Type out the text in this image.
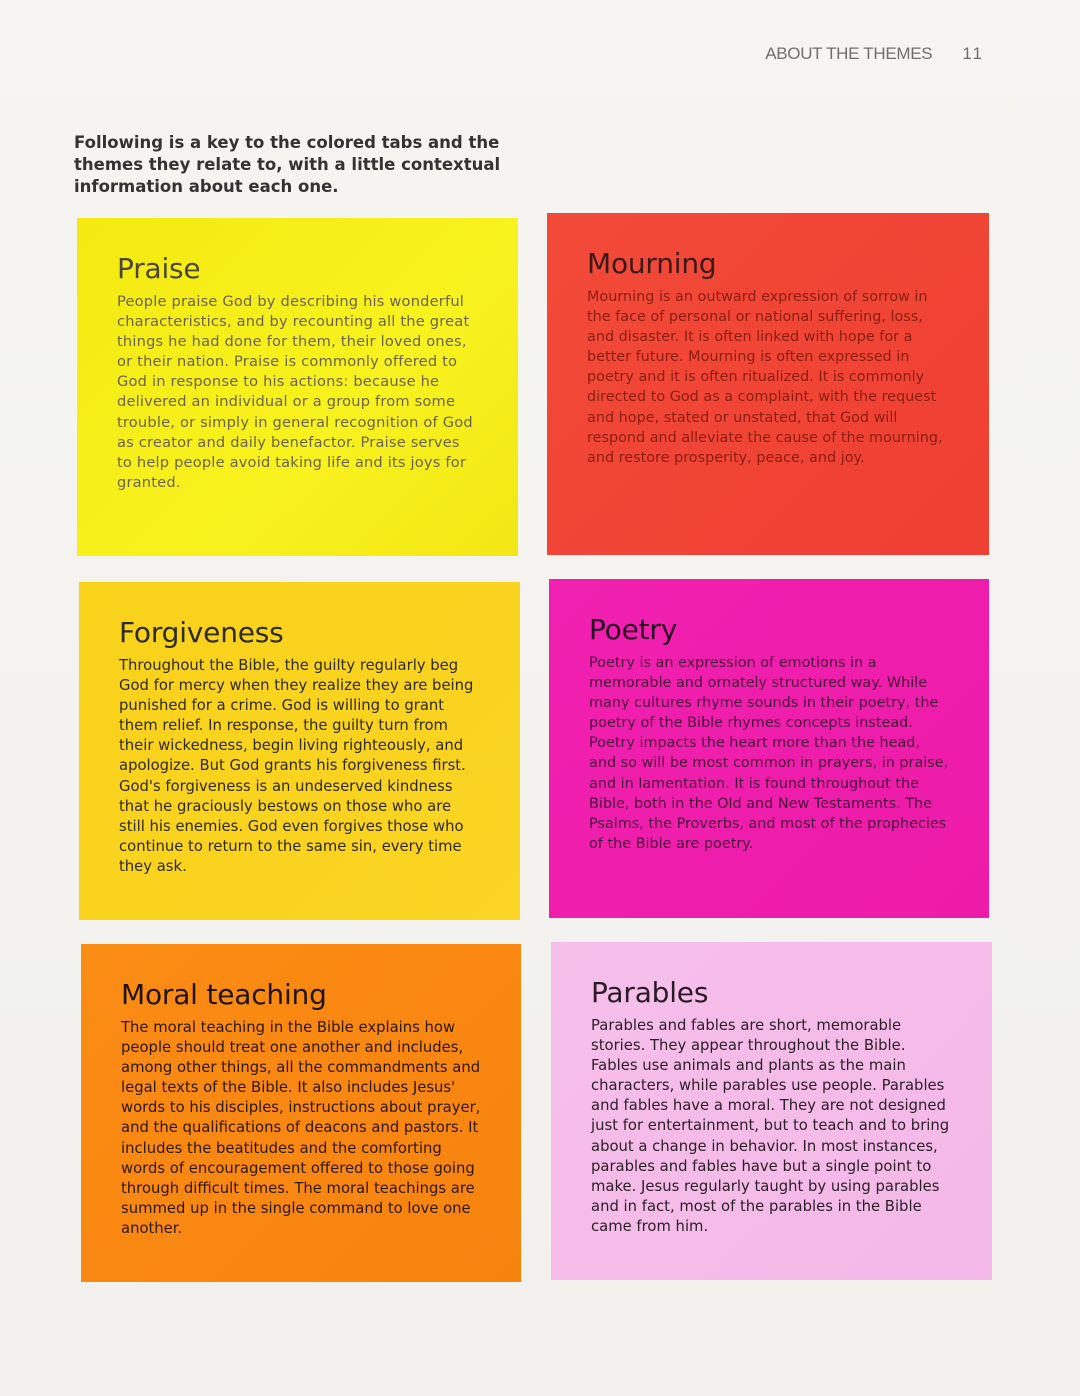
ABOUT THE THEMES 11
Following is a key to the colored tabs and the themes they relate to, with a little contextual information about each one.
Praise

People praise God by describing his wonderful characteristics, and by recounting all the great things he had done for them, their loved ones, or their nation. Praise is commonly offered to God in response to his actions: because he delivered an individual or a group from some trouble, or simply in general recognition of God as creator and daily benefactor. Praise serves to help people avoid taking life and its joys for granted.

Mourning

Mourning is an outward expression of sorrow in the face of personal or national suffering, loss, and disaster. It is often linked with hope for a better future. Mourning is often expressed in poetry and it is often ritualized. It is commonly directed to God as a complaint, with the request and hope, stated or unstated, that God will respond and alleviate the cause of the mourning, and restore prosperity, peace, and joy.

Forgiveness

Throughout the Bible, the guilty regularly beg God for mercy when they realize they are being punished for a crime. God is willing to grant them relief. In response, the guilty turn from their wickedness, begin living righteously, and apologize. But God grants his forgiveness first. God's forgiveness is an undeserved kindness that he graciously bestows on those who are still his enemies. God even forgives those who continue to return to the same sin, every time they ask.

Poetry

Poetry is an expression of emotions in a memorable and ornately structured way. While many cultures rhyme sounds in their poetry, the poetry of the Bible rhymes concepts instead. Poetry impacts the heart more than the head, and so will be most common in prayers, in praise, and in lamentation. It is found throughout the Bible, both in the Old and New Testaments. The Psalms, the Proverbs, and most of the prophecies of the Bible are poetry.

Moral teaching

The moral teaching in the Bible explains how people should treat one another and includes, among other things, all the commandments and legal texts of the Bible. It also includes Jesus' words to his disciples, instructions about prayer, and the qualifications of deacons and pastors. It includes the beatitudes and the comforting words of encouragement offered to those going through difficult times. The moral teachings are summed up in the single command to love one another.

Parables

Parables and fables are short, memorable stories. They appear throughout the Bible. Fables use animals and plants as the main characters, while parables use people. Parables and fables have a moral. They are not designed just for entertainment, but to teach and to bring about a change in behavior. In most instances, parables and fables have but a single point to make. Jesus regularly taught by using parables and in fact, most of the parables in the Bible came from him.
